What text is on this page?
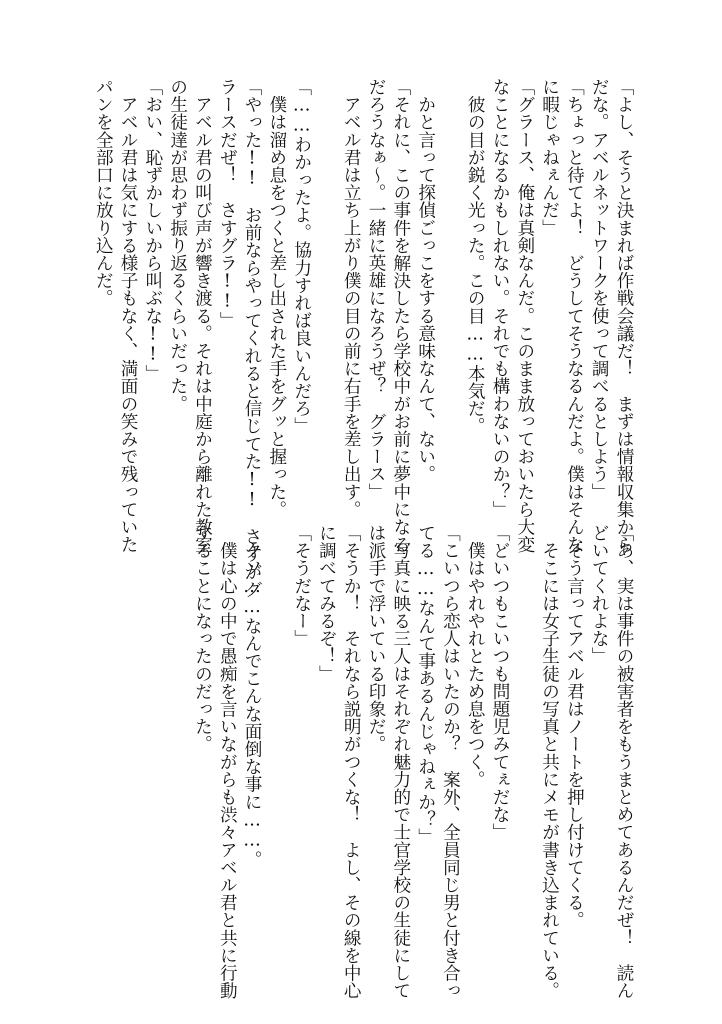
「よし、そうと決まれば作戦会議だ！　まずは情報収集から
だな。アベルネットワークを使って調べるとしよう」
「ちょっと待てよ！　どうしてそうなるんだよ。僕はそんな
に暇じゃねぇんだ」
「グラース、俺は真剣なんだ。このまま放っておいたら大変
なことになるかもしれない。それでも構わないのか？」
　彼の目が鋭く光った。この目……本気だ。
　かと言って探偵ごっこをする意味なんて、ない。
「それに、この事件を解決したら学校中がお前に夢中になる
だろうなぁ〜。一緒に英雄になろうぜ？　グラース」
　アベル君は立ち上がり僕の目の前に右手を差し出す。
「……わかったよ。協力すれば良いんだろ」
　僕は溜め息をつくと差し出された手をグッと握った。
「やった!!　お前ならやってくれると信じてた!!　さすがグ
ラースだぜ！　さすグラ!!」
　アベル君の叫び声が響き渡る。それは中庭から離れた教室
の生徒達が思わず振り返るくらいだった。
「おい、恥ずかしいから叫ぶな!!」
　アベル君は気にする様子もなく、満面の笑みで残っていた
パンを全部口に放り込んだ。
「あ、実は事件の被害者をもうまとめてあるんだぜ！　読ん
どいてくれよな」
　そう言ってアベル君はノートを押し付けてくる。
　そこには女子生徒の写真と共にメモが書き込まれている。
「どいつもこいつも問題児みてぇだな」
　僕はやれやれとため息をつく。
「こいつら恋人はいたのか？　案外、全員同じ男と付き合っ
てる……なんて事あるんじゃねぇか？」
　写真に映る三人はそれぞれ魅力的で士官学校の生徒にして
は派手で浮いている印象だ。
「そうか！　それなら説明がつくな！　よし、その線を中心
に調べてみるぞ！」
「そうだなー」
　クソ……なんでこんな面倒な事に……。
　僕は心の中で愚痴を言いながらも渋々アベル君と共に行動
することになったのだった。
